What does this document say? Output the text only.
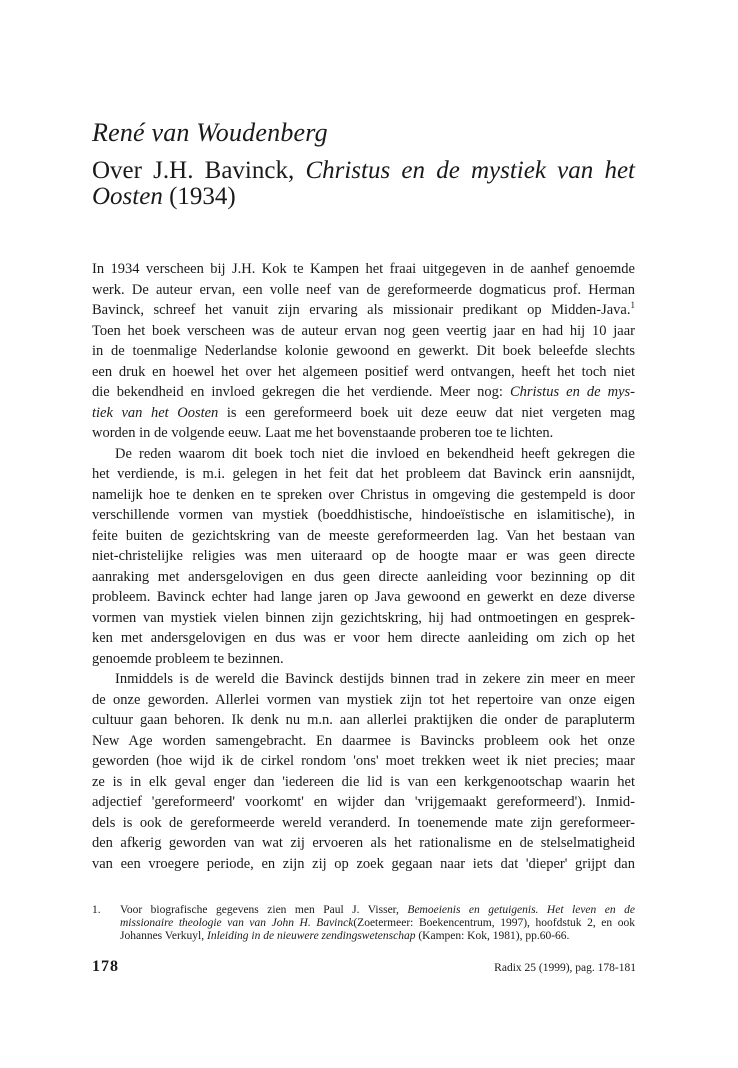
René van Woudenberg
Over J.H. Bavinck, Christus en de mystiek van het
Oosten (1934)
In 1934 verscheen bij J.H. Kok te Kampen het fraai uitgegeven in de aanhef genoemde
werk. De auteur ervan, een volle neef van de gereformeerde dogmaticus prof. Herman
Bavinck, schreef het vanuit zijn ervaring als missionair predikant op Midden-Java.$^1$
Toen het boek verscheen was de auteur ervan nog geen veertig jaar en had hij 10 jaar
in de toenmalige Nederlandse kolonie gewoond en gewerkt. Dit boek beleefde slechts
een druk en hoewel het over het algemeen positief werd ontvangen, heeft het toch niet
die bekendheid en invloed gekregen die het verdiende. Meer nog: Christus en de mys-
tiek van het Oosten is een gereformeerd boek uit deze eeuw dat niet vergeten mag
worden in de volgende eeuw. Laat me het bovenstaande proberen toe te lichten.
De reden waarom dit boek toch niet die invloed en bekendheid heeft gekregen die
het verdiende, is m.i. gelegen in het feit dat het probleem dat Bavinck erin aansnijdt,
namelijk hoe te denken en te spreken over Christus in omgeving die gestempeld is door
verschillende vormen van mystiek (boeddhistische, hindoeïstische en islamitische), in
feite buiten de gezichtskring van de meeste gereformeerden lag. Van het bestaan van
niet-christelijke religies was men uiteraard op de hoogte maar er was geen directe
aanraking met andersgelovigen en dus geen directe aanleiding voor bezinning op dit
probleem. Bavinck echter had lange jaren op Java gewoond en gewerkt en deze diverse
vormen van mystiek vielen binnen zijn gezichtskring, hij had ontmoetingen en gesprek-
ken met andersgelovigen en dus was er voor hem directe aanleiding om zich op het
genoemde probleem te bezinnen.
Inmiddels is de wereld die Bavinck destijds binnen trad in zekere zin meer en meer
de onze geworden. Allerlei vormen van mystiek zijn tot het repertoire van onze eigen
cultuur gaan behoren. Ik denk nu m.n. aan allerlei praktijken die onder de parapluterm
New Age worden samengebracht. En daarmee is Bavincks probleem ook het onze
geworden (hoe wijd ik de cirkel rondom 'ons' moet trekken weet ik niet precies; maar
ze is in elk geval enger dan 'iedereen die lid is van een kerkgenootschap waarin het
adjectief 'gereformeerd' voorkomt' en wijder dan 'vrijgemaakt gereformeerd'). Inmid-
dels is ook de gereformeerde wereld veranderd. In toenemende mate zijn gereformeer-
den afkerig geworden van wat zij ervoeren als het rationalisme en de stelselmatigheid
van een vroegere periode, en zijn zij op zoek gegaan naar iets dat 'dieper' grijpt dan
1. Voor biografische gegevens zien men Paul J. Visser, Bemoeienis en getuigenis. Het leven en de
missionaire theologie van van John H. Bavinck(Zoetermeer: Boekencentrum, 1997), hoofdstuk 2, en ook
Johannes Verkuyl, Inleiding in de nieuwere zendingswetenschap (Kampen: Kok, 1981), pp.60-66.
178	Radix 25 (1999), pag. 178-181
